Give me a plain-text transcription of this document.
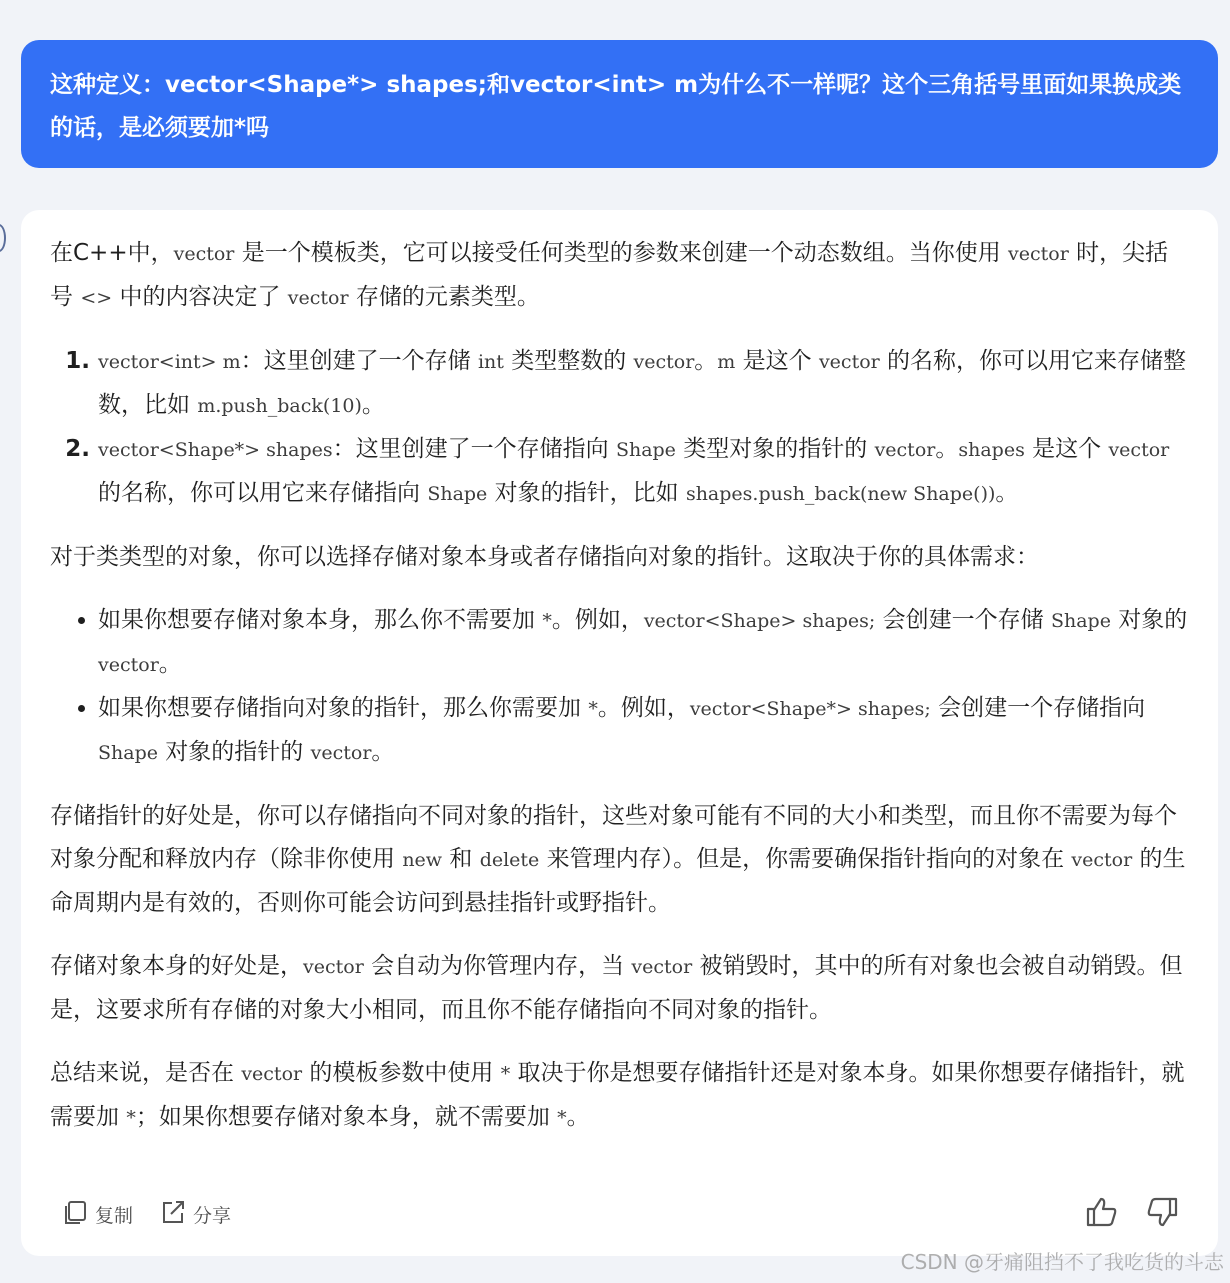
这种定义：vector<Shape*> shapes;和vector<int> m为什么不一样呢？这个三角括号里面如果换成类的话，是必须要加*吗

在C++中，vector 是一个模板类，它可以接受任何类型的参数来创建一个动态数组。当你使用 vector 时，尖括号 <> 中的内容决定了 vector 存储的元素类型。

1. vector<int> m：这里创建了一个存储 int 类型整数的 vector。m 是这个 vector 的名称，你可以用它来存储整数，比如 m.push_back(10)。
2. vector<Shape*> shapes：这里创建了一个存储指向 Shape 类型对象的指针的 vector。shapes 是这个 vector 的名称，你可以用它来存储指向 Shape 对象的指针，比如 shapes.push_back(new Shape())。

对于类类型的对象，你可以选择存储对象本身或者存储指向对象的指针。这取决于你的具体需求：

• 如果你想要存储对象本身，那么你不需要加 *。例如，vector<Shape> shapes; 会创建一个存储 Shape 对象的 vector。
• 如果你想要存储指向对象的指针，那么你需要加 *。例如，vector<Shape*> shapes; 会创建一个存储指向 Shape 对象的指针的 vector。

存储指针的好处是，你可以存储指向不同对象的指针，这些对象可能有不同的大小和类型，而且你不需要为每个对象分配和释放内存（除非你使用 new 和 delete 来管理内存）。但是，你需要确保指针指向的对象在 vector 的生命周期内是有效的，否则你可能会访问到悬挂指针或野指针。

存储对象本身的好处是，vector 会自动为你管理内存，当 vector 被销毁时，其中的所有对象也会被自动销毁。但是，这要求所有存储的对象大小相同，而且你不能存储指向不同对象的指针。

总结来说，是否在 vector 的模板参数中使用 * 取决于你是想要存储指针还是对象本身。如果你想要存储指针，就需要加 *；如果你想要存储对象本身，就不需要加 *。

复制	分享
CSDN @牙痛阻挡不了我吃货的斗志
